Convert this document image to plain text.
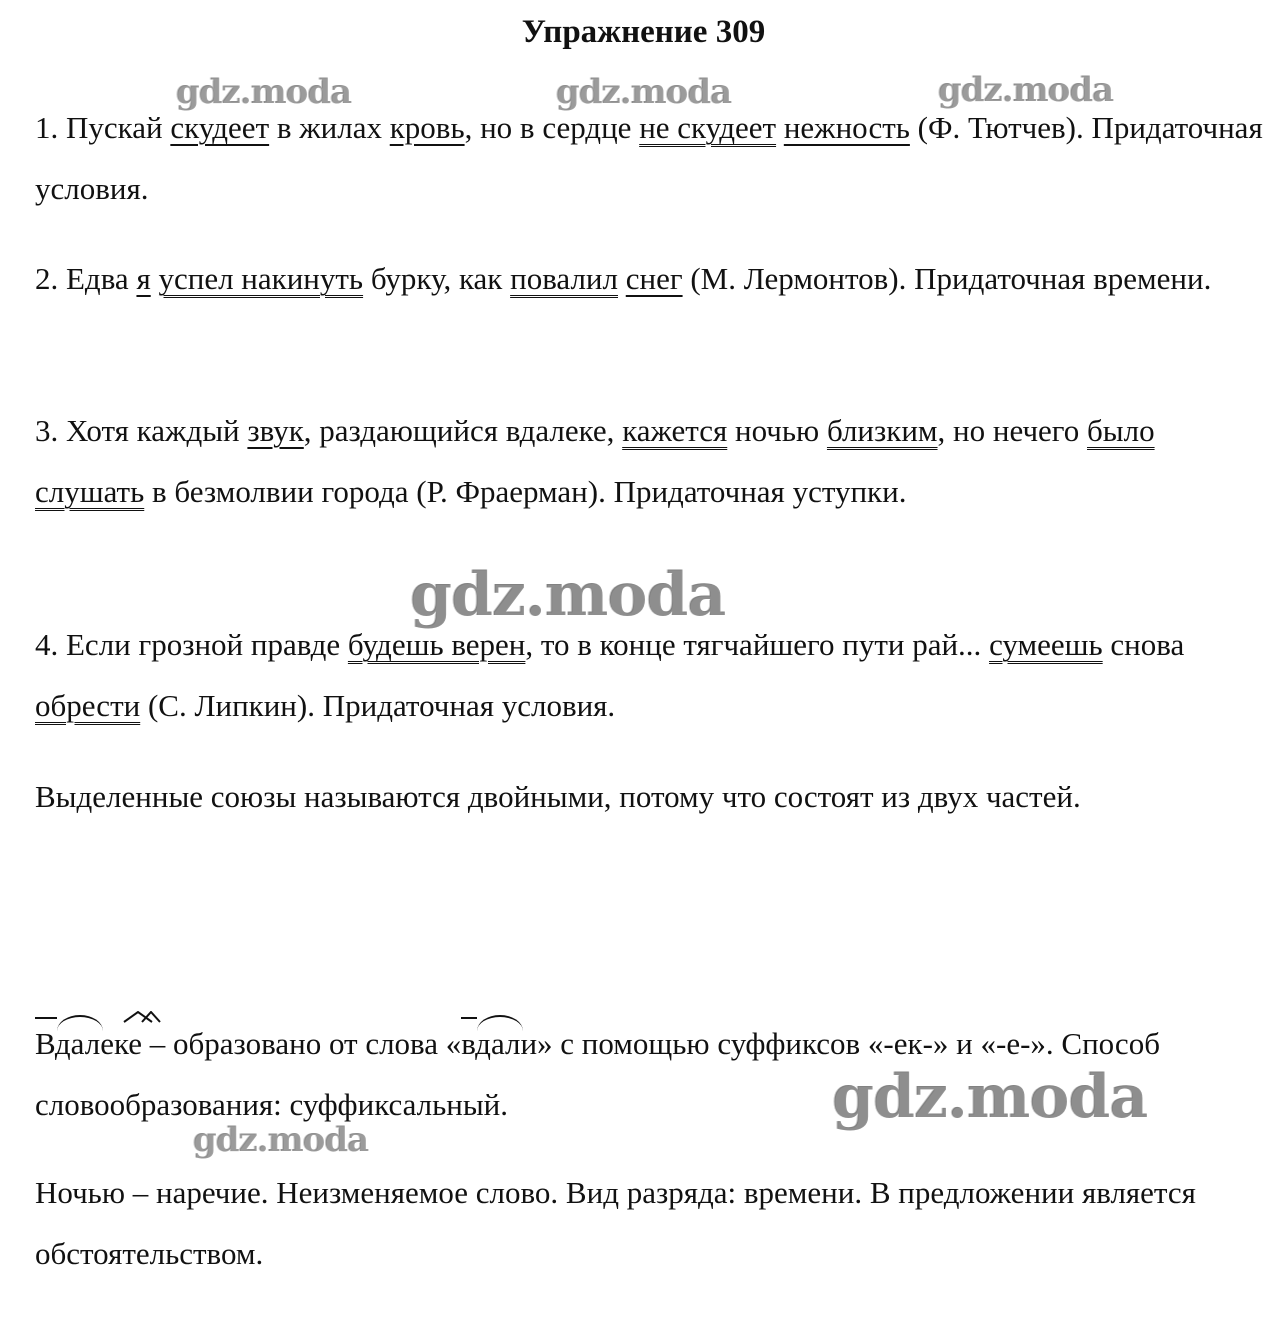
Упражнение 309
gdz.moda	gdz.moda	gdz.moda
gdz.moda
gdz.moda
gdz.moda

1. Пускай скудеет в жилах кровь, но в сердце не скудеет нежность (Ф. Тютчев). Придаточная условия.

2. Едва я успел накинуть бурку, как повалил снег (М. Лермонтов). Придаточная времени.

3. Хотя каждый звук, раздающийся вдалеке, кажется ночью близким, но нечего было слушать в безмолвии города (Р. Фраерман). Придаточная уступки.

4. Если грозной правде будешь верен, то в конце тягчайшего пути рай... сумеешь снова обрести (С. Липкин). Придаточная условия.

Выделенные союзы называются двойными, потому что состоят из двух частей.

Вдалеке
– образовано от слова «вдали
» с помощью суффиксов «-ек-» и «-е-». Способ словообразования: суффиксальный.

Ночью – наречие. Неизменяемое слово. Вид разряда: времени. В предложении является обстоятельством.
